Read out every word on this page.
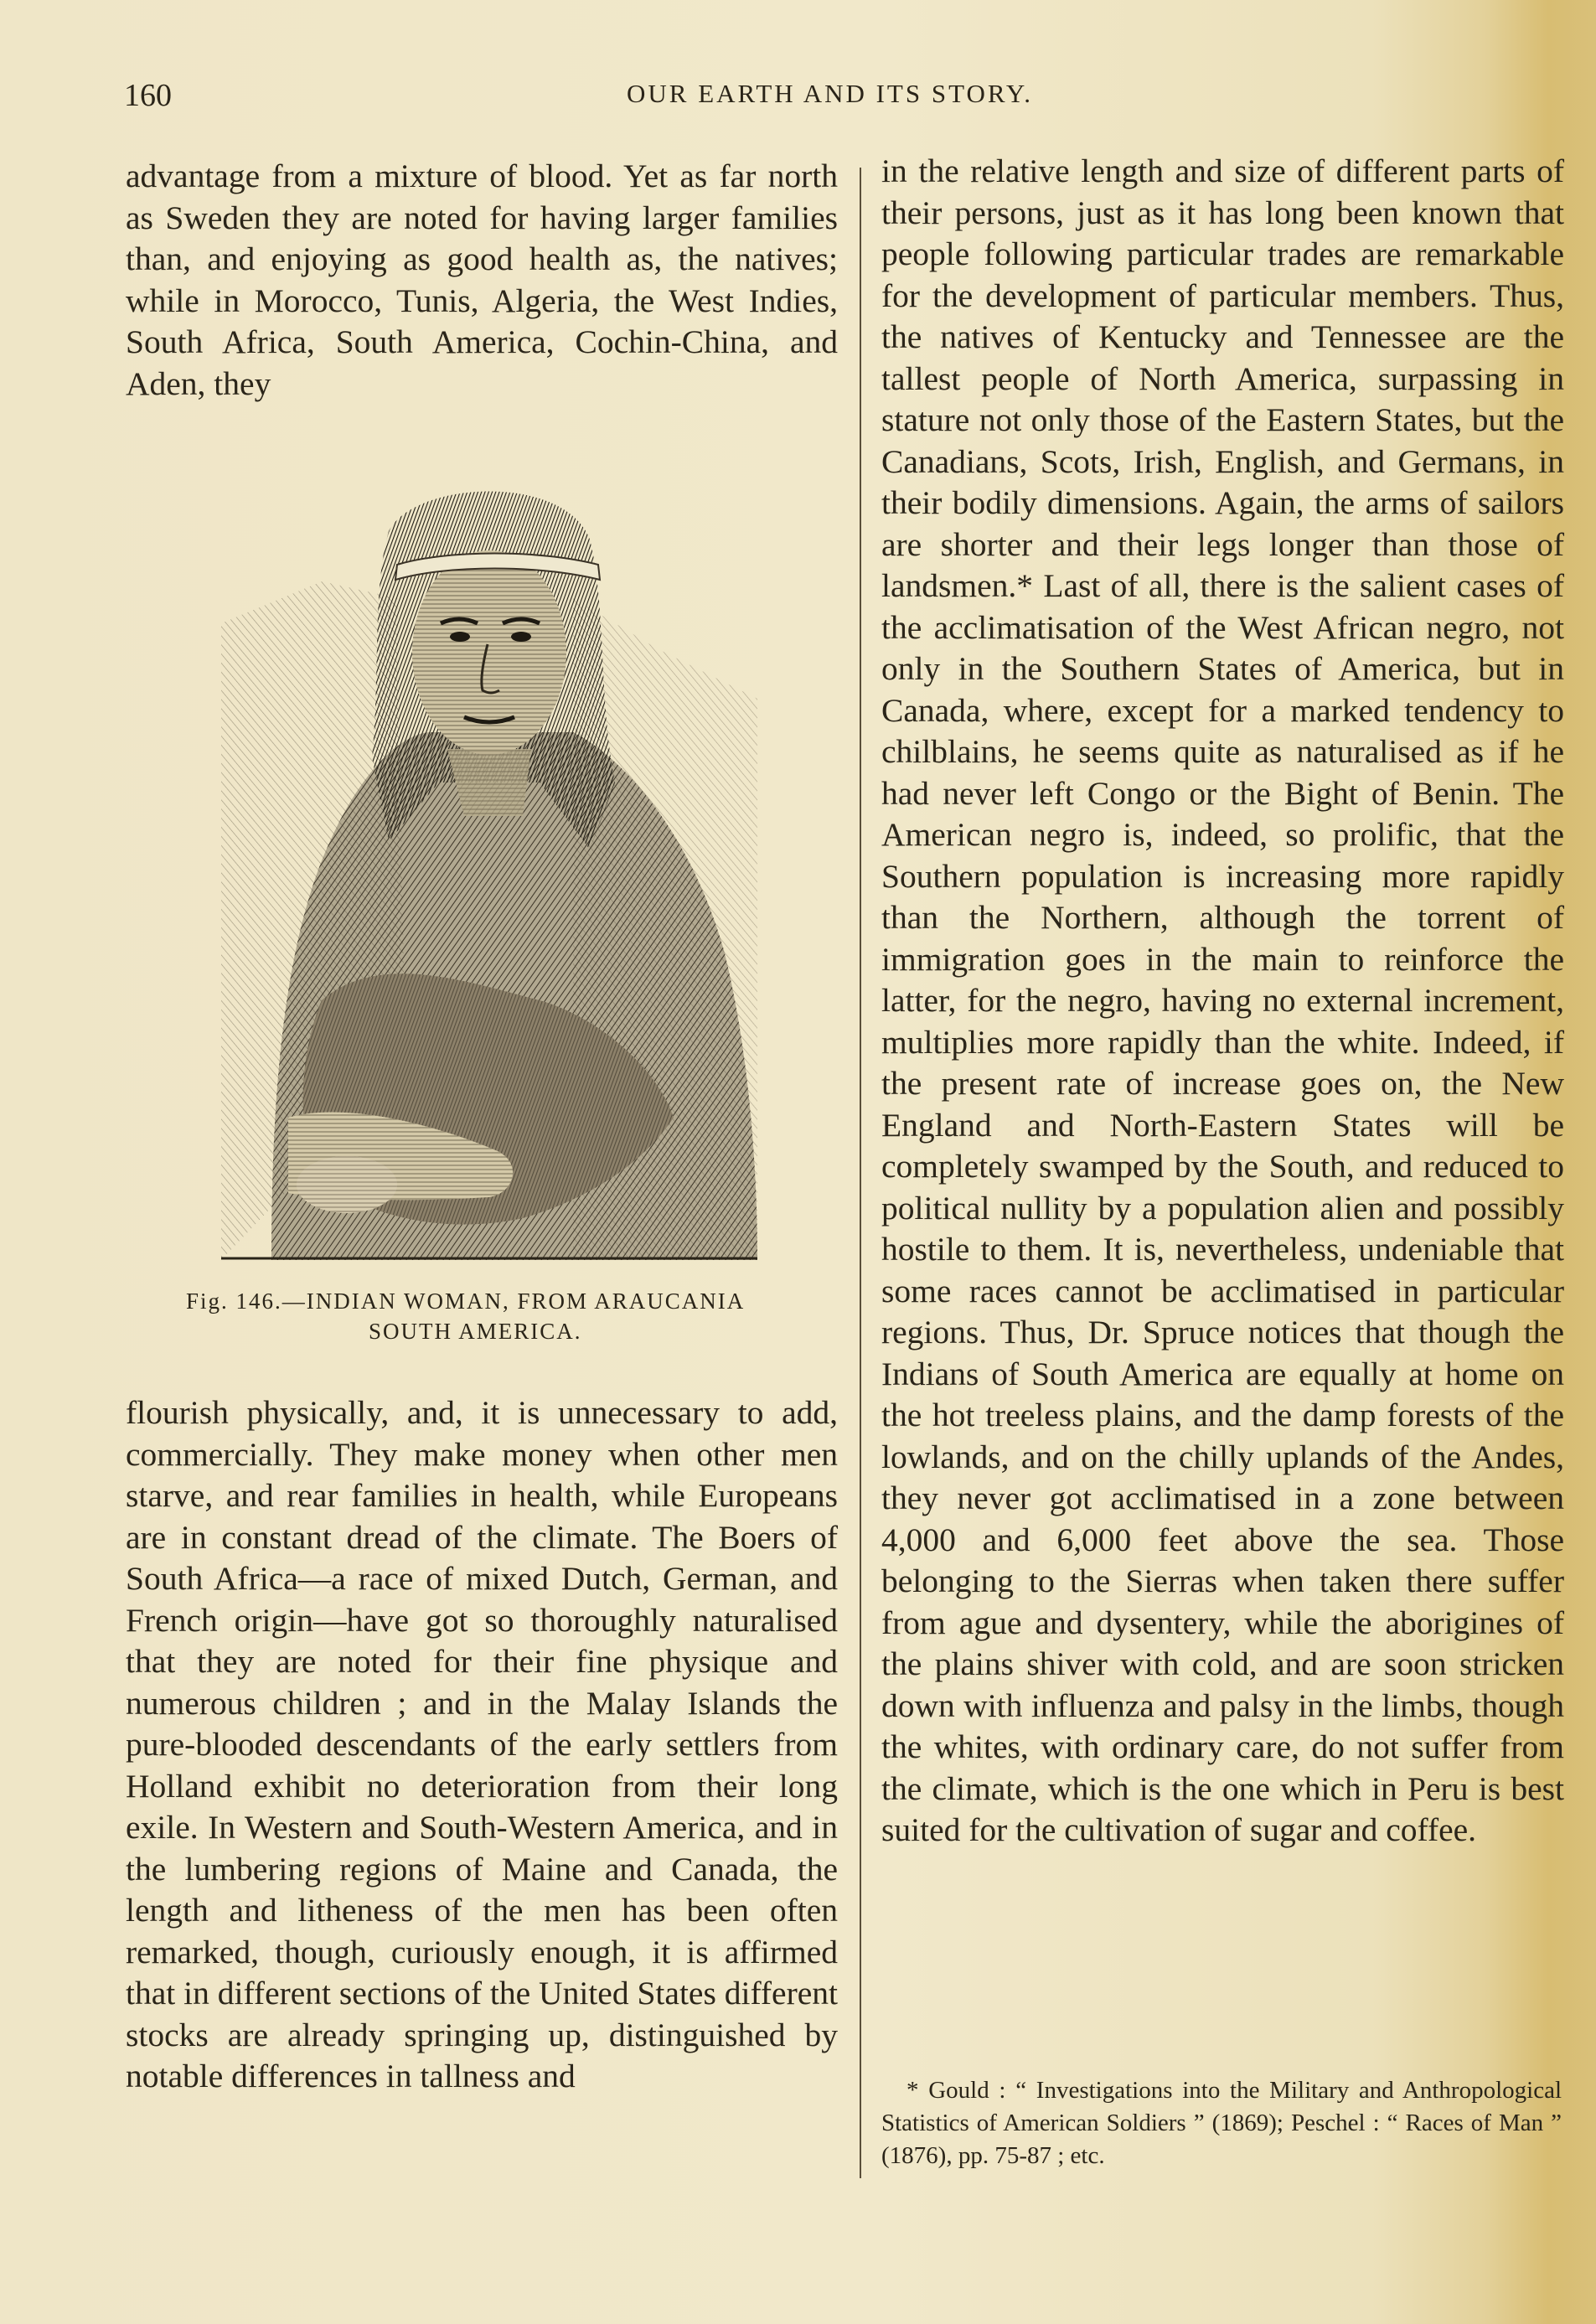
160	OUR EARTH AND ITS STORY.

advantage from a mixture of blood. Yet as far north as Sweden they are noted for having larger families than, and enjoying as good health as, the natives; while in Morocco, Tunis, Algeria, the West Indies, South Africa, South America, Cochin-China, and Aden, they

Fig. 146.—INDIAN WOMAN, FROM ARAUCANIA
SOUTH AMERICA.

flourish physically, and, it is unnecessary to add, commercially. They make money when other men starve, and rear families in health, while Europeans are in constant dread of the climate. The Boers of South Africa—a race of mixed Dutch, German, and French origin—have got so thoroughly naturalised that they are noted for their fine physique and numerous children ; and in the Malay Islands the pure-blooded descendants of the early settlers from Holland exhibit no deterioration from their long exile. In Western and South-Western America, and in the lumbering regions of Maine and Canada, the length and litheness of the men has been often remarked, though, curiously enough, it is affirmed that in different sections of the United States different stocks are already springing up, distinguished by notable differences in tallness and

in the relative length and size of different parts of their persons, just as it has long been known that people following particular trades are remarkable for the development of particular members. Thus, the natives of Kentucky and Tennessee are the tallest people of North America, surpassing in stature not only those of the Eastern States, but the Canadians, Scots, Irish, English, and Germans, in their bodily dimensions. Again, the arms of sailors are shorter and their legs longer than those of landsmen.* Last of all, there is the salient cases of the acclimatisation of the West African negro, not only in the Southern States of America, but in Canada, where, except for a marked tendency to chilblains, he seems quite as naturalised as if he had never left Congo or the Bight of Benin. The American negro is, indeed, so prolific, that the Southern population is increasing more rapidly than the Northern, although the torrent of immigration goes in the main to reinforce the latter, for the negro, having no external increment, multiplies more rapidly than the white. Indeed, if the present rate of increase goes on, the New England and North-Eastern States will be completely swamped by the South, and reduced to political nullity by a population alien and possibly hostile to them. It is, nevertheless, undeniable that some races cannot be acclimatised in particular regions. Thus, Dr. Spruce notices that though the Indians of South America are equally at home on the hot treeless plains, and the damp forests of the lowlands, and on the chilly uplands of the Andes, they never got acclimatised in a zone between 4,000 and 6,000 feet above the sea. Those belonging to the Sierras when taken there suffer from ague and dysentery, while the aborigines of the plains shiver with cold, and are soon stricken down with influenza and palsy in the limbs, though the whites, with ordinary care, do not suffer from the climate, which is the one which in Peru is best suited for the cultivation of sugar and coffee.

* Gould : “ Investigations into the Military and Anthropological Statistics of American Soldiers ” (1869); Peschel : “ Races of Man ” (1876), pp. 75-87 ; etc.
